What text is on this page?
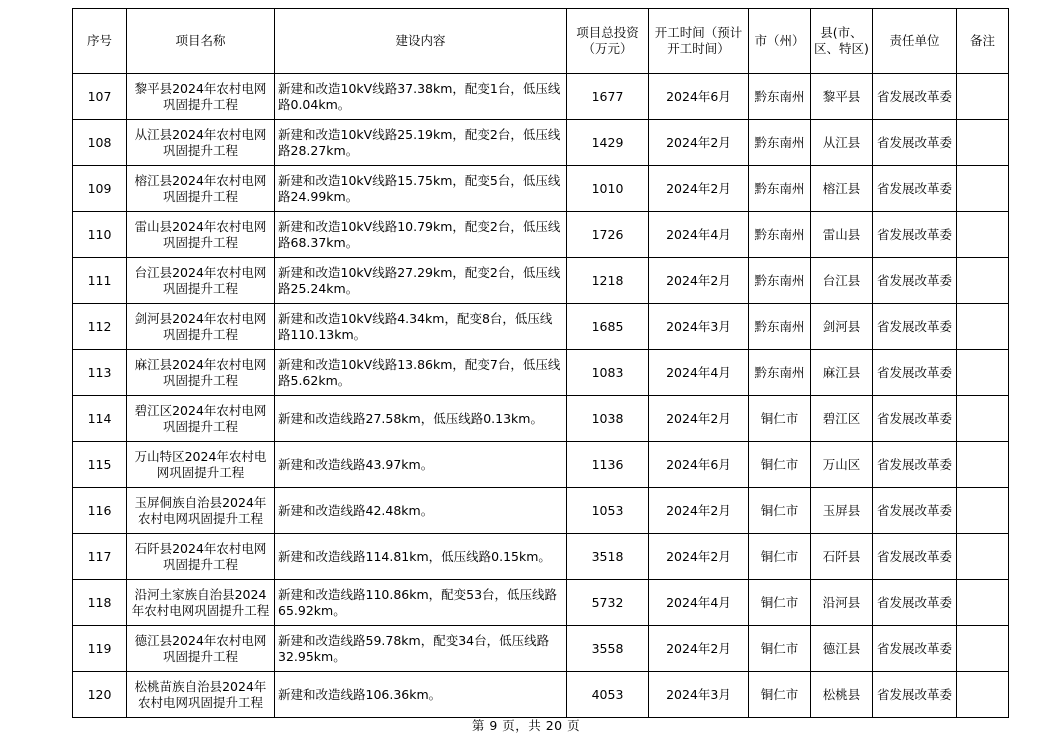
序号	项目名称	建设内容	项目总投资（万元）	开工时间（预计开工时间）	市（州）	县(市、区、特区)	责任单位	备注
107	黎平县2024年农村电网巩固提升工程	新建和改造10kV线路37.38km，配变1台，低压线路0.04km。	1677	2024年6月	黔东南州	黎平县	省发展改革委	
108	从江县2024年农村电网巩固提升工程	新建和改造10kV线路25.19km，配变2台，低压线路28.27km。	1429	2024年2月	黔东南州	从江县	省发展改革委	
109	榕江县2024年农村电网巩固提升工程	新建和改造10kV线路15.75km，配变5台，低压线路24.99km。	1010	2024年2月	黔东南州	榕江县	省发展改革委	
110	雷山县2024年农村电网巩固提升工程	新建和改造10kV线路10.79km，配变2台，低压线路68.37km。	1726	2024年4月	黔东南州	雷山县	省发展改革委	
111	台江县2024年农村电网巩固提升工程	新建和改造10kV线路27.29km，配变2台，低压线路25.24km。	1218	2024年2月	黔东南州	台江县	省发展改革委	
112	剑河县2024年农村电网巩固提升工程	新建和改造10kV线路4.34km，配变8台，低压线路110.13km。	1685	2024年3月	黔东南州	剑河县	省发展改革委	
113	麻江县2024年农村电网巩固提升工程	新建和改造10kV线路13.86km，配变7台，低压线路5.62km。	1083	2024年4月	黔东南州	麻江县	省发展改革委	
114	碧江区2024年农村电网巩固提升工程	新建和改造线路27.58km，低压线路0.13km。	1038	2024年2月	铜仁市	碧江区	省发展改革委	
115	万山特区2024年农村电网巩固提升工程	新建和改造线路43.97km。	1136	2024年6月	铜仁市	万山区	省发展改革委	
116	玉屏侗族自治县2024年农村电网巩固提升工程	新建和改造线路42.48km。	1053	2024年2月	铜仁市	玉屏县	省发展改革委	
117	石阡县2024年农村电网巩固提升工程	新建和改造线路114.81km，低压线路0.15km。	3518	2024年2月	铜仁市	石阡县	省发展改革委	
118	沿河土家族自治县2024年农村电网巩固提升工程	新建和改造线路110.86km，配变53台，低压线路65.92km。	5732	2024年4月	铜仁市	沿河县	省发展改革委	
119	德江县2024年农村电网巩固提升工程	新建和改造线路59.78km，配变34台，低压线路32.95km。	3558	2024年2月	铜仁市	德江县	省发展改革委	
120	松桃苗族自治县2024年农村电网巩固提升工程	新建和改造线路106.36km。	4053	2024年3月	铜仁市	松桃县	省发展改革委	
第 9 页，共 20 页
